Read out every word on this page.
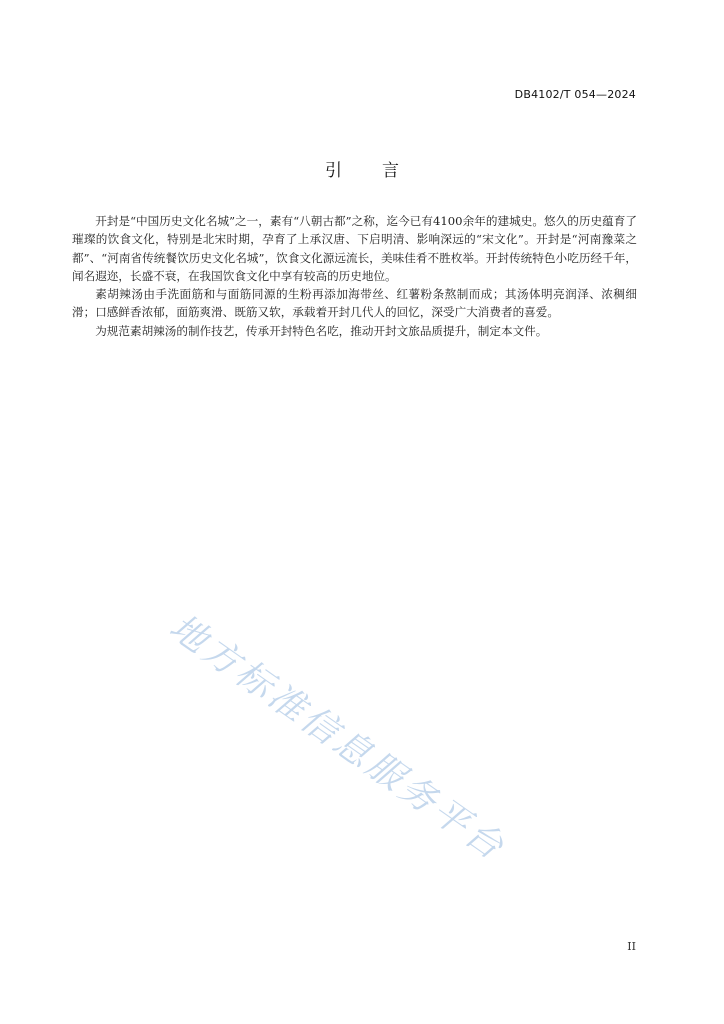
DB4102/T 054—2024
引 言

开封是“中国历史文化名城”之一，素有“八朝古都”之称，迄今已有4100余年的建城史。悠久的历史蕴育了璀璨的饮食文化，特别是北宋时期，孕育了上承汉唐、下启明清、影响深远的“宋文化”。开封是“河南豫菜之都”、“河南省传统餐饮历史文化名城”，饮食文化源远流长，美味佳肴不胜枚举。开封传统特色小吃历经千年，闻名遐迩，长盛不衰，在我国饮食文化中享有较高的历史地位。

素胡辣汤由手洗面筋和与面筋同源的生粉再添加海带丝、红薯粉条熬制而成；其汤体明亮润泽、浓稠细滑；口感鲜香浓郁，面筋爽滑、既筋又软，承载着开封几代人的回忆，深受广大消费者的喜爱。

为规范素胡辣汤的制作技艺，传承开封特色名吃，推动开封文旅品质提升，制定本文件。

地方标准信息服务平台
II
